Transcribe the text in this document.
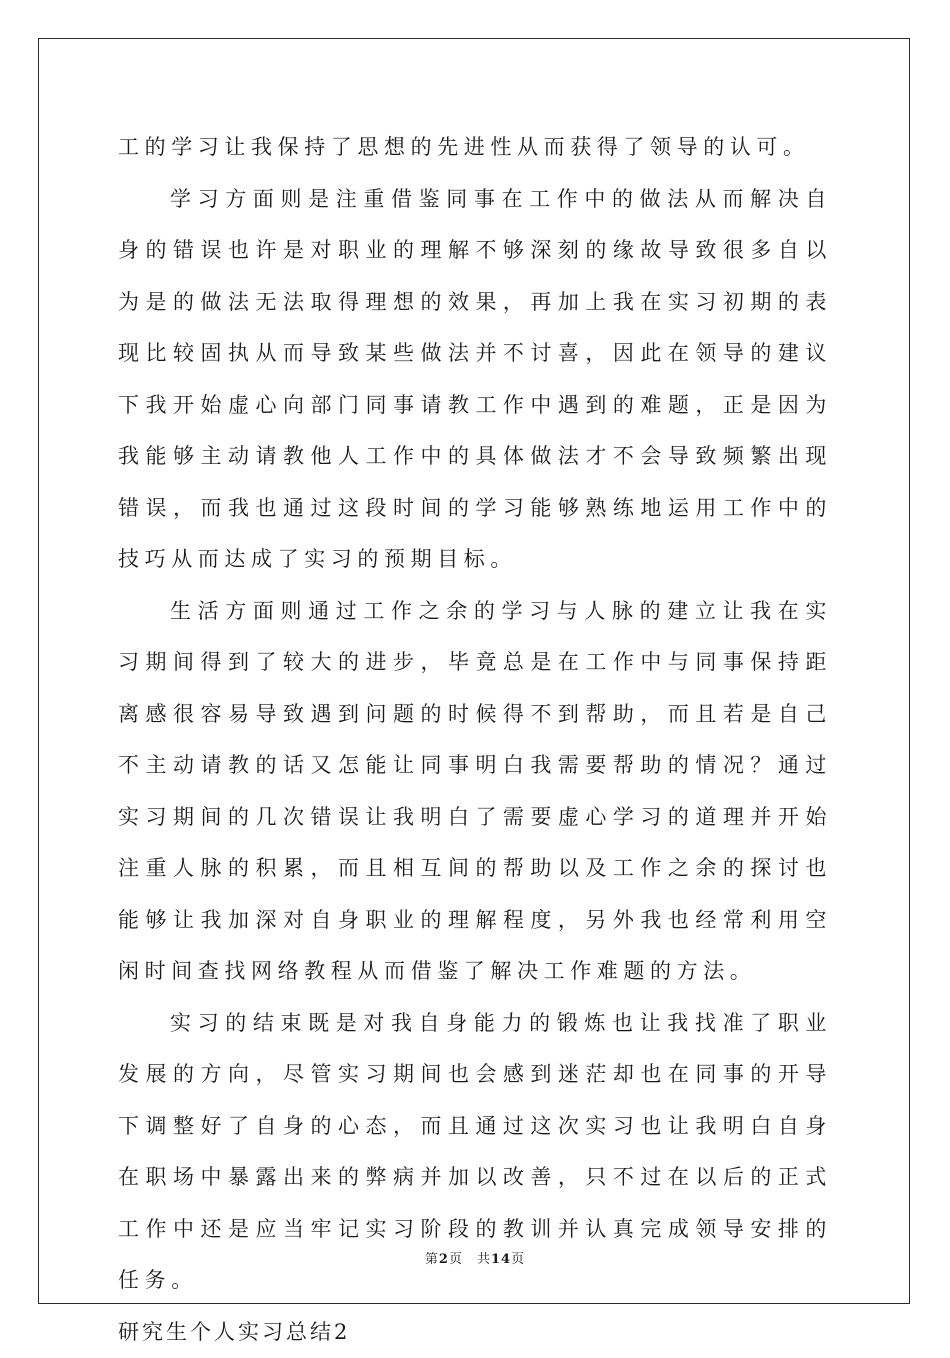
工的学习让我保持了思想的先进性从而获得了领导的认可。

学习方面则是注重借鉴同事在工作中的做法从而解决自身的错误也许是对职业的理解不够深刻的缘故导致很多自以为是的做法无法取得理想的效果，再加上我在实习初期的表现比较固执从而导致某些做法并不讨喜，因此在领导的建议下我开始虚心向部门同事请教工作中遇到的难题，正是因为我能够主动请教他人工作中的具体做法才不会导致频繁出现错误，而我也通过这段时间的学习能够熟练地运用工作中的技巧从而达成了实习的预期目标。

生活方面则通过工作之余的学习与人脉的建立让我在实习期间得到了较大的进步，毕竟总是在工作中与同事保持距离感很容易导致遇到问题的时候得不到帮助，而且若是自己不主动请教的话又怎能让同事明白我需要帮助的情况？通过实习期间的几次错误让我明白了需要虚心学习的道理并开始注重人脉的积累，而且相互间的帮助以及工作之余的探讨也能够让我加深对自身职业的理解程度，另外我也经常利用空闲时间查找网络教程从而借鉴了解决工作难题的方法。

实习的结束既是对我自身能力的锻炼也让我找准了职业发展的方向，尽管实习期间也会感到迷茫却也在同事的开导下调整好了自身的心态，而且通过这次实习也让我明白自身在职场中暴露出来的弊病并加以改善，只不过在以后的正式工作中还是应当牢记实习阶段的教训并认真完成领导安排的任务。

研究生个人实习总结2

第2页 共14页
